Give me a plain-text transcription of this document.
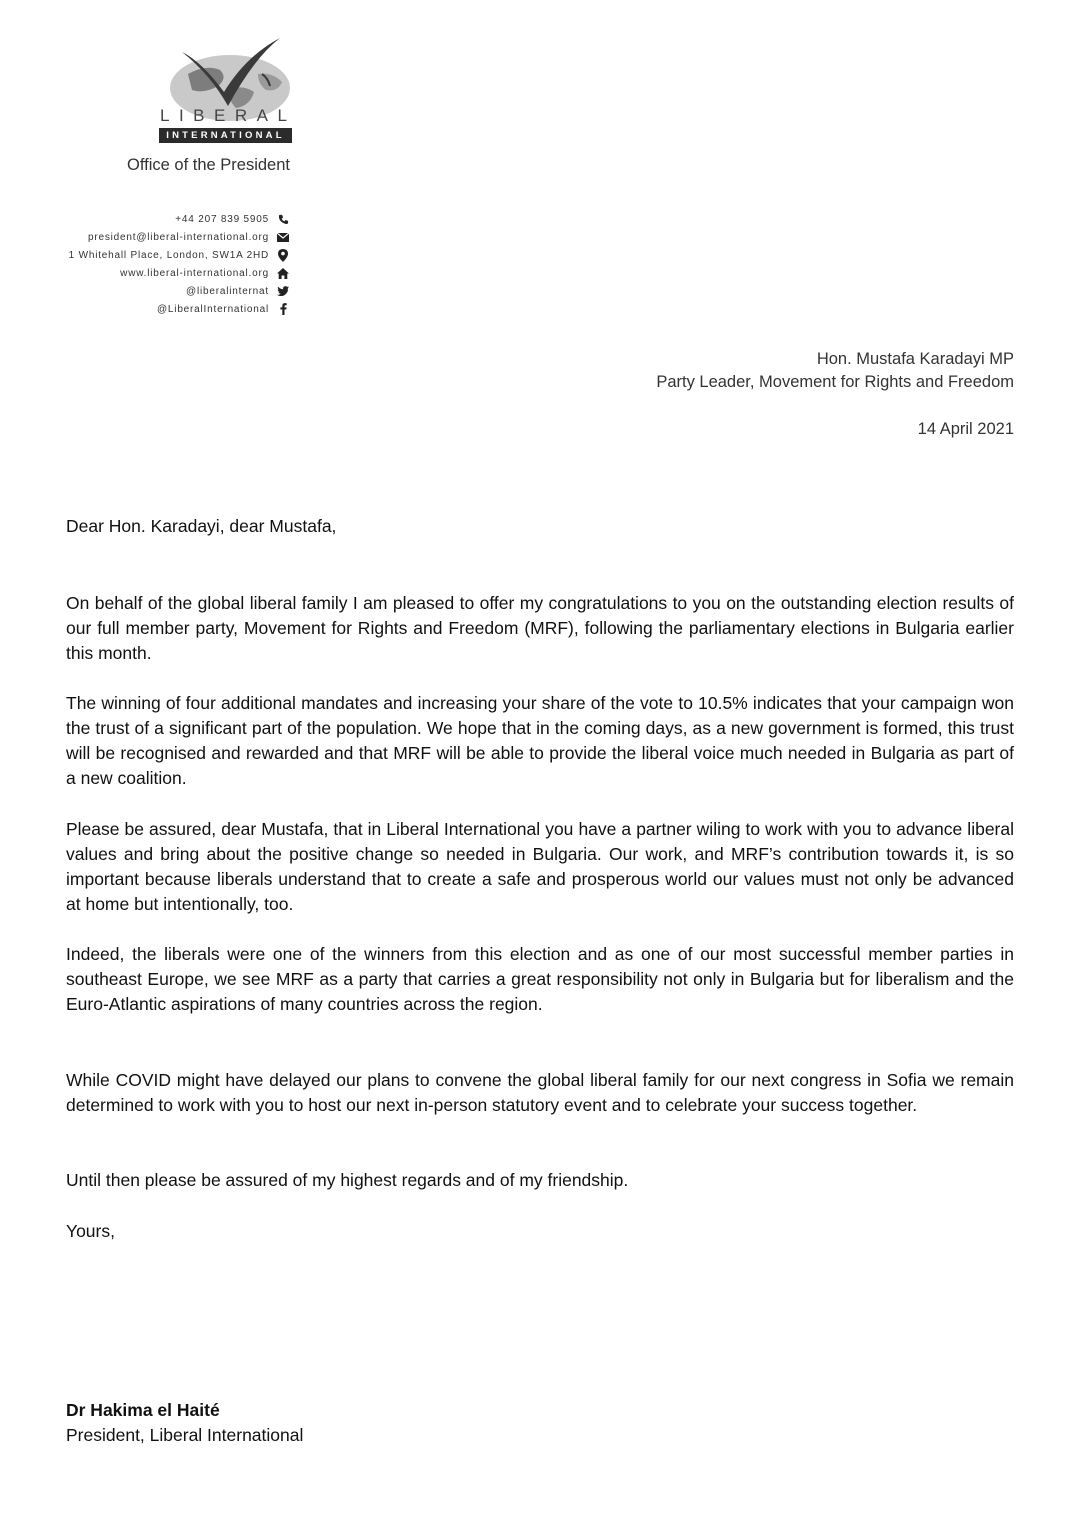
LIBERAL
INTERNATIONAL
Office of the President
+44 207 839 5905
president@liberal-international.org
1 Whitehall Place, London, SW1A 2HD
www.liberal-international.org
@liberalinternat
@LiberalInternational
Hon. Mustafa Karadayi MP
Party Leader, Movement for Rights and Freedom
14 April 2021
Dear Hon. Karadayi, dear Mustafa,

On behalf of the global liberal family I am pleased to offer my congratulations to you on the outstanding election results of our full member party, Movement for Rights and Freedom (MRF), following the parliamentary elections in Bulgaria earlier this month.

The winning of four additional mandates and increasing your share of the vote to 10.5% indicates that your campaign won the trust of a significant part of the population. We hope that in the coming days, as a new government is formed, this trust will be recognised and rewarded and that MRF will be able to provide the liberal voice much needed in Bulgaria as part of a new coalition.

Please be assured, dear Mustafa, that in Liberal International you have a partner wiling to work with you to advance liberal values and bring about the positive change so needed in Bulgaria. Our work, and MRF’s contribution towards it, is so important because liberals understand that to create a safe and prosperous world our values must not only be advanced at home but intentionally, too.

Indeed, the liberals were one of the winners from this election and as one of our most successful member parties in southeast Europe, we see MRF as a party that carries a great responsibility not only in Bulgaria but for liberalism and the Euro-Atlantic aspirations of many countries across the region.

While COVID might have delayed our plans to convene the global liberal family for our next congress in Sofia we remain determined to work with you to host our next in-person statutory event and to celebrate your success together.

Until then please be assured of my highest regards and of my friendship.

Yours,

Dr Hakima el Haité
President, Liberal International
